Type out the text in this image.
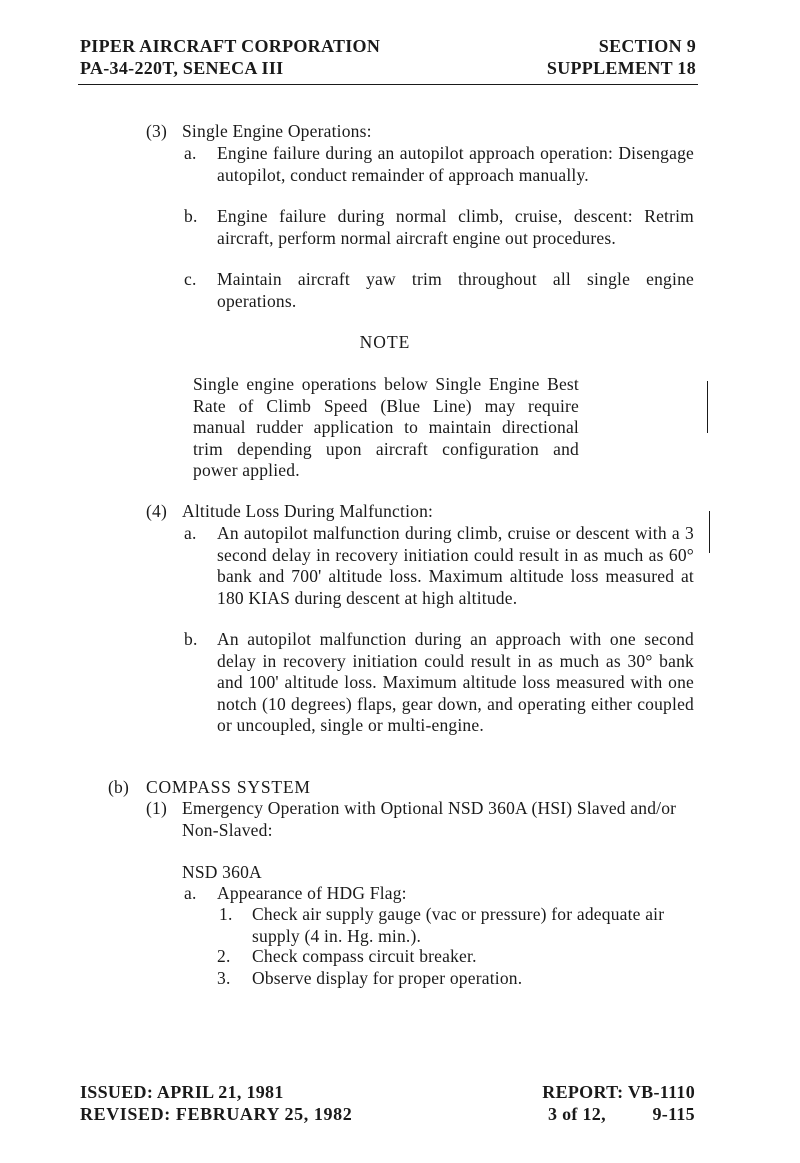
PIPER AIRCRAFT CORPORATION
PA-34-220T, SENECA III
SECTION 9
SUPPLEMENT 18
(3) Single Engine Operations:
a. Engine failure during an autopilot approach operation: Disengage autopilot, conduct remainder of approach manually.
b. Engine failure during normal climb, cruise, descent: Retrim aircraft, perform normal aircraft engine out procedures.
c. Maintain aircraft yaw trim throughout all single engine operations.
NOTE
Single engine operations below Single Engine Best Rate of Climb Speed (Blue Line) may require manual rudder application to maintain directional trim depending upon aircraft configuration and power applied.
(4) Altitude Loss During Malfunction:
a. An autopilot malfunction during climb, cruise or descent with a 3 second delay in recovery initiation could result in as much as 60° bank and 700' altitude loss. Maximum altitude loss measured at 180 KIAS during descent at high altitude.
b. An autopilot malfunction during an approach with one second delay in recovery initiation could result in as much as 30° bank and 100' altitude loss. Maximum altitude loss measured with one notch (10 degrees) flaps, gear down, and operating either coupled or uncoupled, single or multi-engine.
(b) COMPASS SYSTEM
(1) Emergency Operation with Optional NSD 360A (HSI) Slaved and/or Non-Slaved:
NSD 360A
a. Appearance of HDG Flag:
1. Check air supply gauge (vac or pressure) for adequate air supply (4 in. Hg. min.).
2. Check compass circuit breaker.
3. Observe display for proper operation.
ISSUED: APRIL 21, 1981
REVISED: FEBRUARY 25, 1982
REPORT: VB-1110
3 of 12,	9-115
